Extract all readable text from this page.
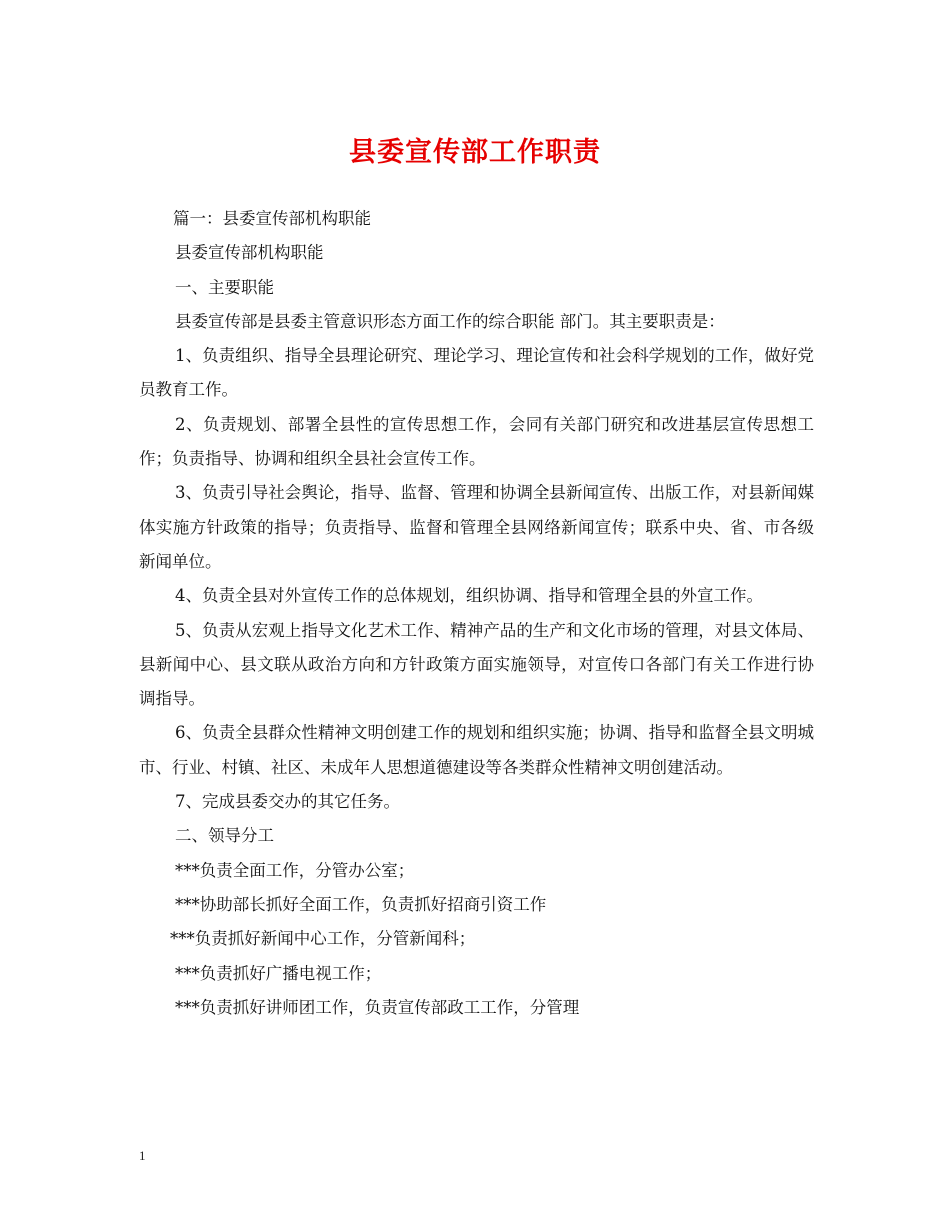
县委宣传部工作职责

篇一：县委宣传部机构职能

县委宣传部机构职能

一、主要职能

县委宣传部是县委主管意识形态方面工作的综合职能 部门。其主要职责是：

1、负责组织、指导全县理论研究、理论学习、理论宣传和社会科学规划的工作，做好党员教育工作。

2、负责规划、部署全县性的宣传思想工作，会同有关部门研究和改进基层宣传思想工作；负责指导、协调和组织全县社会宣传工作。

3、负责引导社会舆论，指导、监督、管理和协调全县新闻宣传、出版工作，对县新闻媒体实施方针政策的指导；负责指导、监督和管理全县网络新闻宣传；联系中央、省、市各级新闻单位。

4、负责全县对外宣传工作的总体规划，组织协调、指导和管理全县的外宣工作。

5、负责从宏观上指导文化艺术工作、精神产品的生产和文化市场的管理，对县文体局、县新闻中心、县文联从政治方向和方针政策方面实施领导，对宣传口各部门有关工作进行协调指导。

6、负责全县群众性精神文明创建工作的规划和组织实施；协调、指导和监督全县文明城市、行业、村镇、社区、未成年人思想道德建设等各类群众性精神文明创建活动。

7、完成县委交办的其它任务。

二、领导分工

***负责全面工作，分管办公室；

***协助部长抓好全面工作，负责抓好招商引资工作

***负责抓好新闻中心工作，分管新闻科；

***负责抓好广播电视工作；

***负责抓好讲师团工作，负责宣传部政工工作，分管理

1
